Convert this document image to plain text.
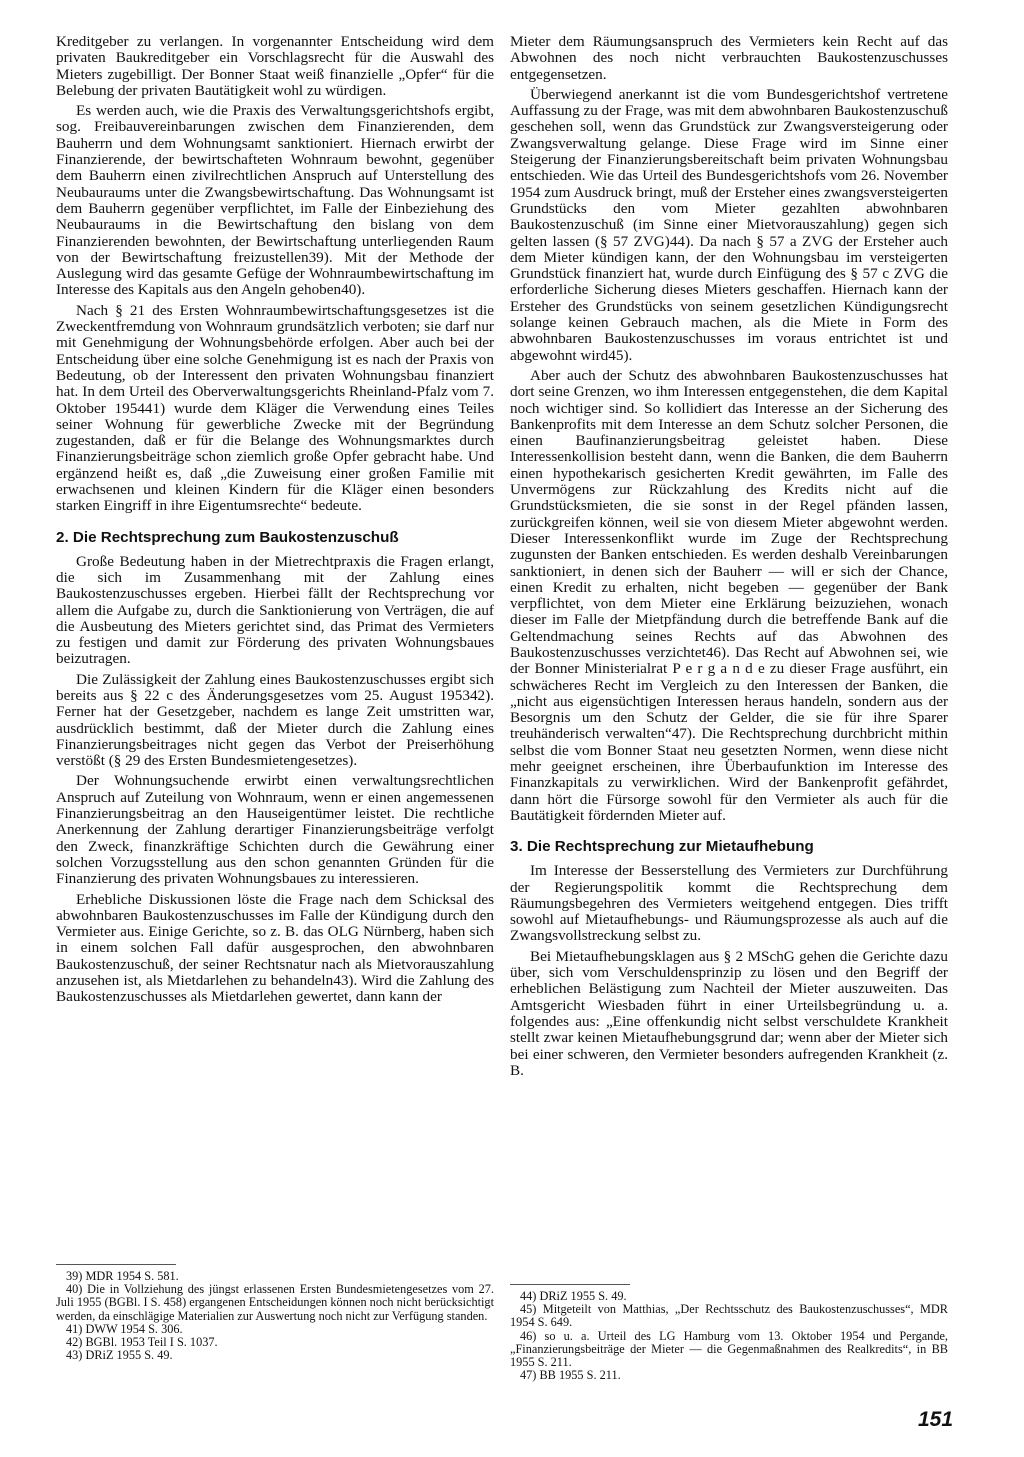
Kreditgeber zu verlangen. In vorgenannter Entscheidung wird dem privaten Baukreditgeber ein Vorschlagsrecht für die Auswahl des Mieters zugebilligt. Der Bonner Staat weiß finanzielle „Opfer“ für die Belebung der privaten Bautätigkeit wohl zu würdigen.

Es werden auch, wie die Praxis des Verwaltungsgerichtshofs ergibt, sog. Freibauvereinbarungen zwischen dem Finanzierenden, dem Bauherrn und dem Wohnungsamt sanktioniert. Hiernach erwirbt der Finanzierende, der bewirtschafteten Wohnraum bewohnt, gegenüber dem Bauherrn einen zivilrechtlichen Anspruch auf Unterstellung des Neubauraums unter die Zwangsbewirtschaftung. Das Wohnungsamt ist dem Bauherrn gegenüber verpflichtet, im Falle der Einbeziehung des Neubauraums in die Bewirtschaftung den bislang von dem Finanzierenden bewohnten, der Bewirtschaftung unterliegenden Raum von der Bewirtschaftung freizustellen39). Mit der Methode der Auslegung wird das gesamte Gefüge der Wohnraumbewirtschaftung im Interesse des Kapitals aus den Angeln gehoben40).

Nach § 21 des Ersten Wohnraumbewirtschaftungsgesetzes ist die Zweckentfremdung von Wohnraum grundsätzlich verboten; sie darf nur mit Genehmigung der Wohnungsbehörde erfolgen. Aber auch bei der Entscheidung über eine solche Genehmigung ist es nach der Praxis von Bedeutung, ob der Interessent den privaten Wohnungsbau finanziert hat. In dem Urteil des Oberverwaltungsgerichts Rheinland-Pfalz vom 7. Oktober 195441) wurde dem Kläger die Verwendung eines Teiles seiner Wohnung für gewerbliche Zwecke mit der Begründung zugestanden, daß er für die Belange des Wohnungsmarktes durch Finanzierungsbeiträge schon ziemlich große Opfer gebracht habe. Und ergänzend heißt es, daß „die Zuweisung einer großen Familie mit erwachsenen und kleinen Kindern für die Kläger einen besonders starken Eingriff in ihre Eigentumsrechte“ bedeute.

2. Die Rechtsprechung zum Baukostenzuschuß

Große Bedeutung haben in der Mietrechtpraxis die Fragen erlangt, die sich im Zusammenhang mit der Zahlung eines Baukostenzuschusses ergeben. Hierbei fällt der Rechtsprechung vor allem die Aufgabe zu, durch die Sanktionierung von Verträgen, die auf die Ausbeutung des Mieters gerichtet sind, das Primat des Vermieters zu festigen und damit zur Förderung des privaten Wohnungsbaues beizutragen.

Die Zulässigkeit der Zahlung eines Baukostenzuschusses ergibt sich bereits aus § 22 c des Änderungsgesetzes vom 25. August 195342). Ferner hat der Gesetzgeber, nachdem es lange Zeit umstritten war, ausdrücklich bestimmt, daß der Mieter durch die Zahlung eines Finanzierungsbeitrages nicht gegen das Verbot der Preiserhöhung verstößt (§ 29 des Ersten Bundesmietengesetzes).

Der Wohnungsuchende erwirbt einen verwaltungsrechtlichen Anspruch auf Zuteilung von Wohnraum, wenn er einen angemessenen Finanzierungsbeitrag an den Hauseigentümer leistet. Die rechtliche Anerkennung der Zahlung derartiger Finanzierungsbeiträge verfolgt den Zweck, finanzkräftige Schichten durch die Gewährung einer solchen Vorzugsstellung aus den schon genannten Gründen für die Finanzierung des privaten Wohnungsbaues zu interessieren.

Erhebliche Diskussionen löste die Frage nach dem Schicksal des abwohnbaren Baukostenzuschusses im Falle der Kündigung durch den Vermieter aus. Einige Gerichte, so z. B. das OLG Nürnberg, haben sich in einem solchen Fall dafür ausgesprochen, den abwohnbaren Baukostenzuschuß, der seiner Rechtsnatur nach als Mietvorauszahlung anzusehen ist, als Mietdarlehen zu behandeln43). Wird die Zahlung des Baukostenzuschusses als Mietdarlehen gewertet, dann kann der

Mieter dem Räumungsanspruch des Vermieters kein Recht auf das Abwohnen des noch nicht verbrauchten Baukostenzuschusses entgegensetzen.

Überwiegend anerkannt ist die vom Bundesgerichtshof vertretene Auffassung zu der Frage, was mit dem abwohnbaren Baukostenzuschuß geschehen soll, wenn das Grundstück zur Zwangsversteigerung oder Zwangsverwaltung gelange. Diese Frage wird im Sinne einer Steigerung der Finanzierungsbereitschaft beim privaten Wohnungsbau entschieden. Wie das Urteil des Bundesgerichtshofs vom 26. November 1954 zum Ausdruck bringt, muß der Ersteher eines zwangsversteigerten Grundstücks den vom Mieter gezahlten abwohnbaren Baukostenzuschuß (im Sinne einer Mietvorauszahlung) gegen sich gelten lassen (§ 57 ZVG)44). Da nach § 57 a ZVG der Ersteher auch dem Mieter kündigen kann, der den Wohnungsbau im versteigerten Grundstück finanziert hat, wurde durch Einfügung des § 57 c ZVG die erforderliche Sicherung dieses Mieters geschaffen. Hiernach kann der Ersteher des Grundstücks von seinem gesetzlichen Kündigungsrecht solange keinen Gebrauch machen, als die Miete in Form des abwohnbaren Baukostenzuschusses im voraus entrichtet ist und abgewohnt wird45).

Aber auch der Schutz des abwohnbaren Baukostenzuschusses hat dort seine Grenzen, wo ihm Interessen entgegenstehen, die dem Kapital noch wichtiger sind. So kollidiert das Interesse an der Sicherung des Bankenprofits mit dem Interesse an dem Schutz solcher Personen, die einen Baufinanzierungsbeitrag geleistet haben. Diese Interessenkollision besteht dann, wenn die Banken, die dem Bauherrn einen hypothekarisch gesicherten Kredit gewährten, im Falle des Unvermögens zur Rückzahlung des Kredits nicht auf die Grundstücksmieten, die sie sonst in der Regel pfänden lassen, zurückgreifen können, weil sie von diesem Mieter abgewohnt werden. Dieser Interessenkonflikt wurde im Zuge der Rechtsprechung zugunsten der Banken entschieden. Es werden deshalb Vereinbarungen sanktioniert, in denen sich der Bauherr — will er sich der Chance, einen Kredit zu erhalten, nicht begeben — gegenüber der Bank verpflichtet, von dem Mieter eine Erklärung beizuziehen, wonach dieser im Falle der Mietpfändung durch die betreffende Bank auf die Geltendmachung seines Rechts auf das Abwohnen des Baukostenzuschusses verzichtet46). Das Recht auf Abwohnen sei, wie der Bonner Ministerialrat P e r g a n d e zu dieser Frage ausführt, ein schwächeres Recht im Vergleich zu den Interessen der Banken, die „nicht aus eigensüchtigen Interessen heraus handeln, sondern aus der Besorgnis um den Schutz der Gelder, die sie für ihre Sparer treuhänderisch verwalten“47). Die Rechtsprechung durchbricht mithin selbst die vom Bonner Staat neu gesetzten Normen, wenn diese nicht mehr geeignet erscheinen, ihre Überbaufunktion im Interesse des Finanzkapitals zu verwirklichen. Wird der Bankenprofit gefährdet, dann hört die Fürsorge sowohl für den Vermieter als auch für die Bautätigkeit fördernden Mieter auf.

3. Die Rechtsprechung zur Mietaufhebung

Im Interesse der Besserstellung des Vermieters zur Durchführung der Regierungspolitik kommt die Rechtsprechung dem Räumungsbegehren des Vermieters weitgehend entgegen. Dies trifft sowohl auf Mietaufhebungs- und Räumungsprozesse als auch auf die Zwangsvollstreckung selbst zu.

Bei Mietaufhebungsklagen aus § 2 MSchG gehen die Gerichte dazu über, sich vom Verschuldensprinzip zu lösen und den Begriff der erheblichen Belästigung zum Nachteil der Mieter auszuweiten. Das Amtsgericht Wiesbaden führt in einer Urteilsbegründung u. a. folgendes aus: „Eine offenkundig nicht selbst verschuldete Krankheit stellt zwar keinen Mietaufhebungsgrund dar; wenn aber der Mieter sich bei einer schweren, den Vermieter besonders aufregenden Krankheit (z. B.

39) MDR 1954 S. 581.

40) Die in Vollziehung des jüngst erlassenen Ersten Bundesmietengesetzes vom 27. Juli 1955 (BGBl. I S. 458) ergangenen Entscheidungen können noch nicht berücksichtigt werden, da einschlägige Materialien zur Auswertung noch nicht zur Verfügung standen.

41) DWW 1954 S. 306.

42) BGBl. 1953 Teil I S. 1037.

43) DRiZ 1955 S. 49.

44) DRiZ 1955 S. 49.

45) Mitgeteilt von Matthias, „Der Rechtsschutz des Baukostenzuschusses“, MDR 1954 S. 649.

46) so u. a. Urteil des LG Hamburg vom 13. Oktober 1954 und Pergande, „Finanzierungsbeiträge der Mieter — die Gegenmaßnahmen des Realkredits“, in BB 1955 S. 211.

47) BB 1955 S. 211.

151
